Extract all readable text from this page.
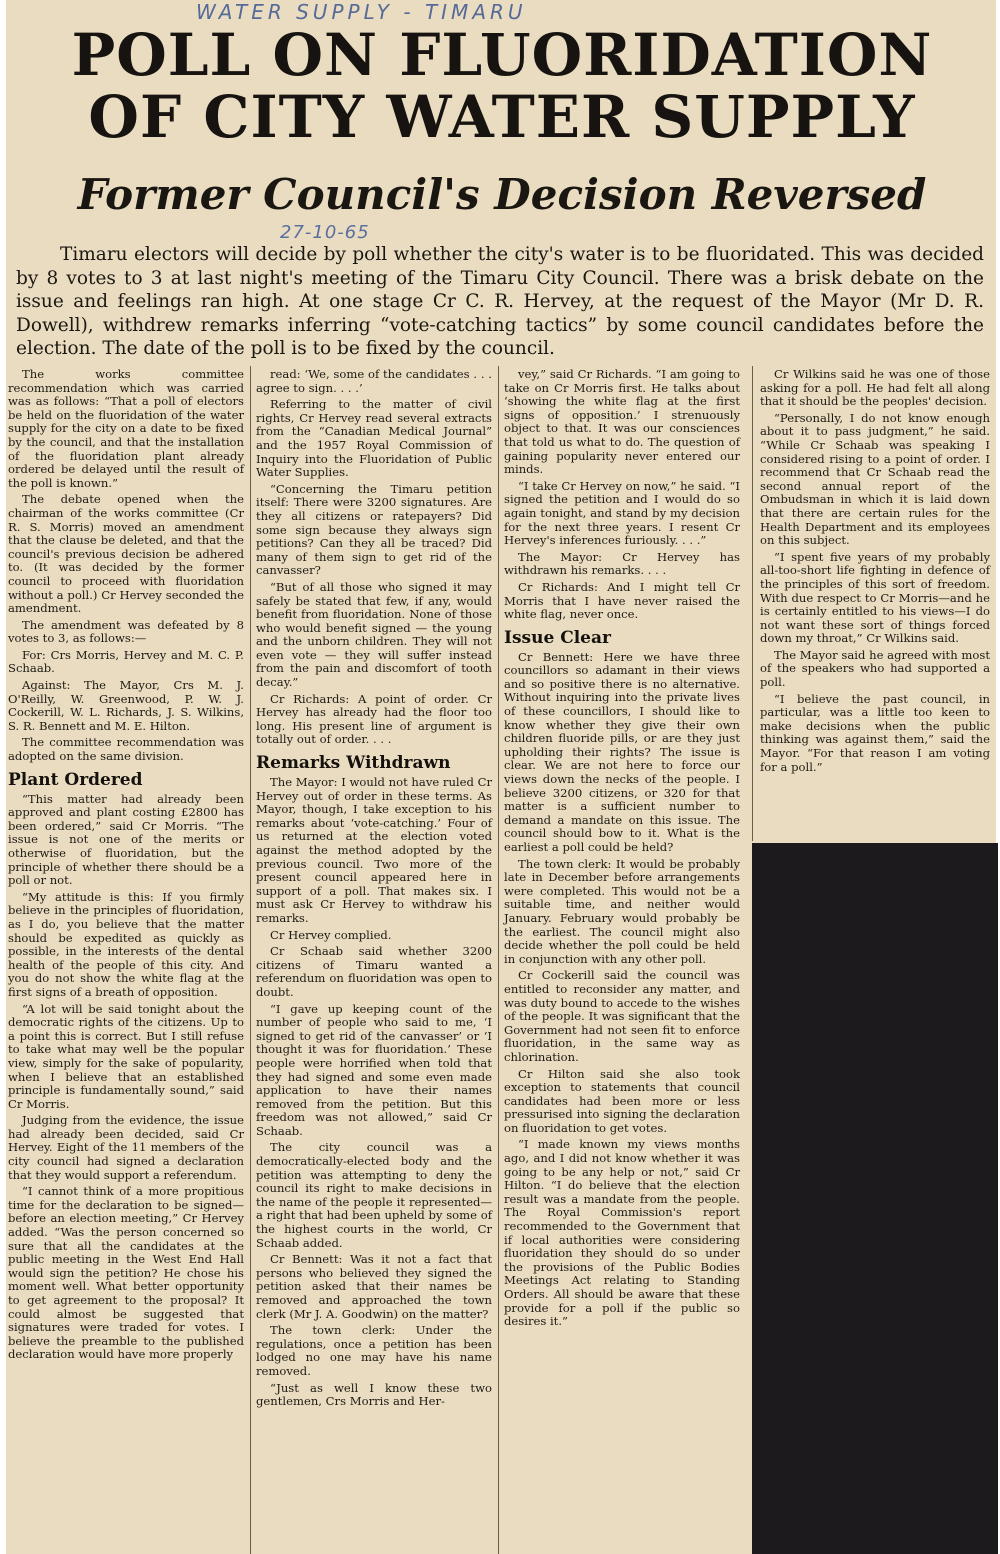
WATER SUPPLY - TIMARU
POLL ON FLUORIDATION
OF CITY WATER SUPPLY
Former Council's Decision Reversed
27-10-65

Timaru electors will decide by poll whether the city's water is to be fluoridated. This was decided by 8 votes to 3 at last night's meeting of the Timaru City Council. There was a brisk debate on the issue and feelings ran high. At one stage Cr C. R. Hervey, at the request of the Mayor (Mr D. R. Dowell), withdrew remarks inferring “vote-catching tactics” by some council candidates before the election. The date of the poll is to be fixed by the council.

The works committee recommendation which was carried was as follows: “That a poll of electors be held on the fluoridation of the water supply for the city on a date to be fixed by the council, and that the installation of the fluoridation plant already ordered be delayed until the result of the poll is known.”

The debate opened when the chairman of the works committee (Cr R. S. Morris) moved an amendment that the clause be deleted, and that the council's previous decision be adhered to. (It was decided by the former council to proceed with fluoridation without a poll.) Cr Hervey seconded the amendment.

The amendment was defeated by 8 votes to 3, as follows:—

For: Crs Morris, Hervey and M. C. P. Schaab.

Against: The Mayor, Crs M. J. O'Reilly, W. Greenwood, P. W. J. Cockerill, W. L. Richards, J. S. Wilkins, S. R. Bennett and M. E. Hilton.

The committee recommendation was adopted on the same division.

Plant Ordered

“This matter had already been approved and plant costing £2800 has been ordered,” said Cr Morris. “The issue is not one of the merits or otherwise of fluoridation, but the principle of whether there should be a poll or not.

“My attitude is this: If you firmly believe in the principles of fluoridation, as I do, you believe that the matter should be expedited as quickly as possible, in the interests of the dental health of the people of this city. And you do not show the white flag at the first signs of a breath of opposition.

“A lot will be said tonight about the democratic rights of the citizens. Up to a point this is correct. But I still refuse to take what may well be the popular view, simply for the sake of popularity, when I believe that an established principle is fundamentally sound,” said Cr Morris.

Judging from the evidence, the issue had already been decided, said Cr Hervey. Eight of the 11 members of the city council had signed a declaration that they would support a referendum.

“I cannot think of a more propitious time for the declaration to be signed—before an election meeting,” Cr Hervey added. “Was the person concerned so sure that all the candidates at the public meeting in the West End Hall would sign the petition? He chose his moment well. What better opportunity to get agreement to the proposal? It could almost be suggested that signatures were traded for votes. I believe the preamble to the published declaration would have more properly

read: ‘We, some of the candidates . . . agree to sign. . . .’

Referring to the matter of civil rights, Cr Hervey read several extracts from the “Canadian Medical Journal” and the 1957 Royal Commission of Inquiry into the Fluoridation of Public Water Supplies.

“Concerning the Timaru petition itself: There were 3200 signatures. Are they all citizens or ratepayers? Did some sign because they always sign petitions? Can they all be traced? Did many of them sign to get rid of the canvasser?

“But of all those who signed it may safely be stated that few, if any, would benefit from fluoridation. None of those who would benefit signed — the young and the unborn children. They will not even vote — they will suffer instead from the pain and discomfort of tooth decay.”

Cr Richards: A point of order. Cr Hervey has already had the floor too long. His present line of argument is totally out of order. . . .

Remarks Withdrawn

The Mayor: I would not have ruled Cr Hervey out of order in these terms. As Mayor, though, I take exception to his remarks about ‘vote-catching.’ Four of us returned at the election voted against the method adopted by the previous council. Two more of the present council appeared here in support of a poll. That makes six. I must ask Cr Hervey to withdraw his remarks.

Cr Hervey complied.

Cr Schaab said whether 3200 citizens of Timaru wanted a referendum on fluoridation was open to doubt.

“I gave up keeping count of the number of people who said to me, ‘I signed to get rid of the canvasser’ or ‘I thought it was for fluoridation.’ These people were horrified when told that they had signed and some even made application to have their names removed from the petition. But this freedom was not allowed,” said Cr Schaab.

The city council was a democratically-elected body and the petition was attempting to deny the council its right to make decisions in the name of the people it represented—a right that had been upheld by some of the highest courts in the world, Cr Schaab added.

Cr Bennett: Was it not a fact that persons who believed they signed the petition asked that their names be removed and approached the town clerk (Mr J. A. Goodwin) on the matter?

The town clerk: Under the regulations, once a petition has been lodged no one may have his name removed.

“Just as well I know these two gentlemen, Crs Morris and Her-

vey,” said Cr Richards. “I am going to take on Cr Morris first. He talks about ‘showing the white flag at the first signs of opposition.’ I strenuously object to that. It was our consciences that told us what to do. The question of gaining popularity never entered our minds.

“I take Cr Hervey on now,” he said. “I signed the petition and I would do so again tonight, and stand by my decision for the next three years. I resent Cr Hervey's inferences furiously. . . .”

The Mayor: Cr Hervey has withdrawn his remarks. . . .

Cr Richards: And I might tell Cr Morris that I have never raised the white flag, never once.

Issue Clear

Cr Bennett: Here we have three councillors so adamant in their views and so positive there is no alternative. Without inquiring into the private lives of these councillors, I should like to know whether they give their own children fluoride pills, or are they just upholding their rights? The issue is clear. We are not here to force our views down the necks of the people. I believe 3200 citizens, or 320 for that matter is a sufficient number to demand a mandate on this issue. The council should bow to it. What is the earliest a poll could be held?

The town clerk: It would be probably late in December before arrangements were completed. This would not be a suitable time, and neither would January. February would probably be the earliest. The council might also decide whether the poll could be held in conjunction with any other poll.

Cr Cockerill said the council was entitled to reconsider any matter, and was duty bound to accede to the wishes of the people. It was significant that the Government had not seen fit to enforce fluoridation, in the same way as chlorination.

Cr Hilton said she also took exception to statements that council candidates had been more or less pressurised into signing the declaration on fluoridation to get votes.

“I made known my views months ago, and I did not know whether it was going to be any help or not,” said Cr Hilton. “I do believe that the election result was a mandate from the people. The Royal Commission's report recommended to the Government that if local authorities were considering fluoridation they should do so under the provisions of the Public Bodies Meetings Act relating to Standing Orders. All should be aware that these provide for a poll if the public so desires it.”

Cr Wilkins said he was one of those asking for a poll. He had felt all along that it should be the peoples' decision.

“Personally, I do not know enough about it to pass judgment,” he said. “While Cr Schaab was speaking I considered rising to a point of order. I recommend that Cr Schaab read the second annual report of the Ombudsman in which it is laid down that there are certain rules for the Health Department and its employees on this subject.

“I spent five years of my probably all-too-short life fighting in defence of the principles of this sort of freedom. With due respect to Cr Morris—and he is certainly entitled to his views—I do not want these sort of things forced down my throat,” Cr Wilkins said.

The Mayor said he agreed with most of the speakers who had supported a poll.

“I believe the past council, in particular, was a little too keen to make decisions when the public thinking was against them,” said the Mayor. “For that reason I am voting for a poll.”
